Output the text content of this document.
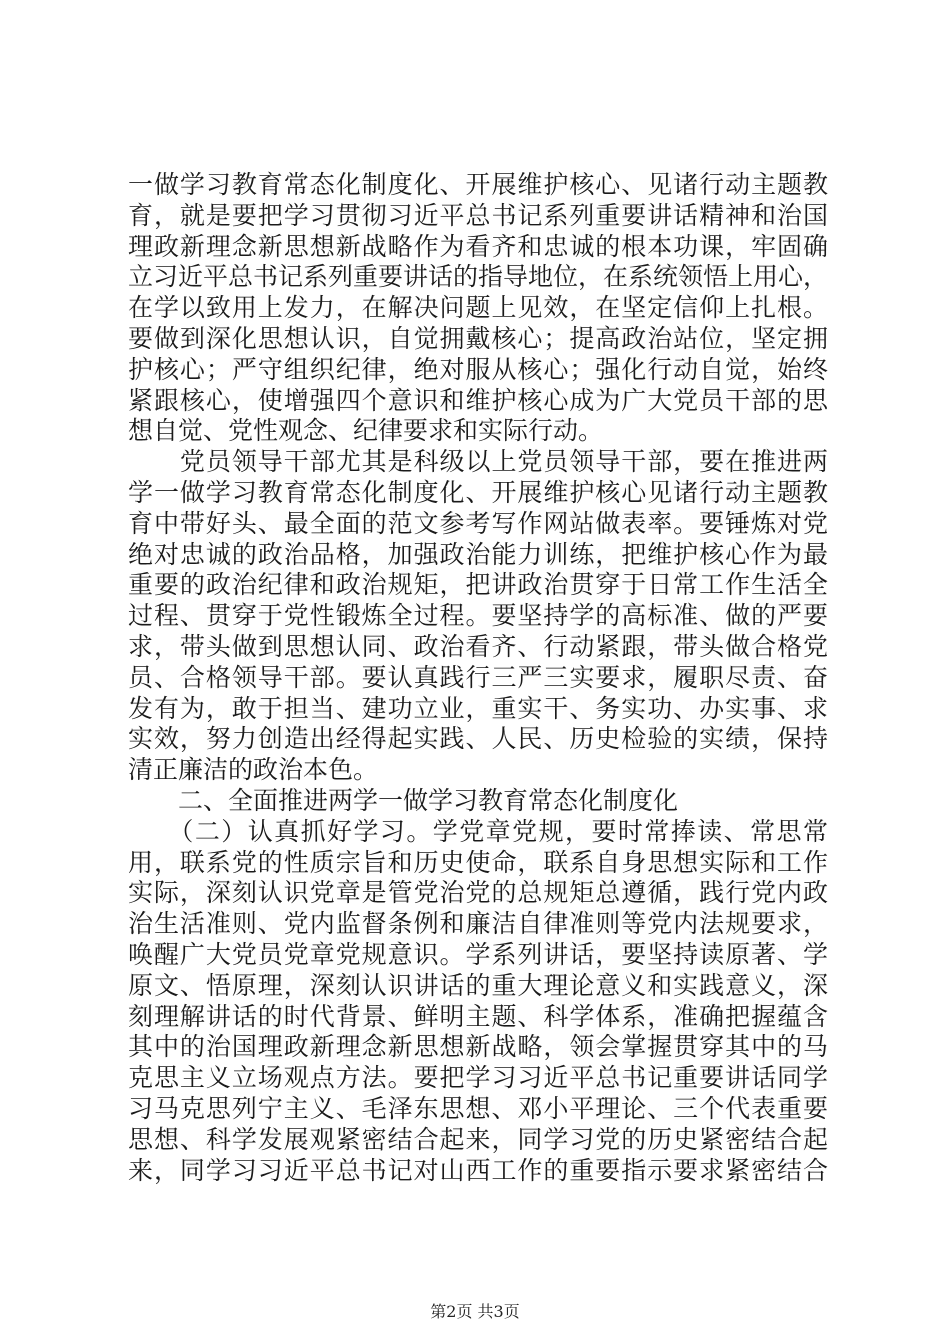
一做学习教育常态化制度化、开展维护核心、见诸行动主题教
育，就是要把学习贯彻习近平总书记系列重要讲话精神和治国
理政新理念新思想新战略作为看齐和忠诚的根本功课，牢固确
立习近平总书记系列重要讲话的指导地位，在系统领悟上用心，
在学以致用上发力，在解决问题上见效，在坚定信仰上扎根。
要做到深化思想认识，自觉拥戴核心；提高政治站位，坚定拥
护核心；严守组织纪律，绝对服从核心；强化行动自觉，始终
紧跟核心，使增强四个意识和维护核心成为广大党员干部的思
想自觉、党性观念、纪律要求和实际行动。
　　党员领导干部尤其是科级以上党员领导干部，要在推进两
学一做学习教育常态化制度化、开展维护核心见诸行动主题教
育中带好头、最全面的范文参考写作网站做表率。要锤炼对党
绝对忠诚的政治品格，加强政治能力训练，把维护核心作为最
重要的政治纪律和政治规矩，把讲政治贯穿于日常工作生活全
过程、贯穿于党性锻炼全过程。要坚持学的高标准、做的严要
求，带头做到思想认同、政治看齐、行动紧跟，带头做合格党
员、合格领导干部。要认真践行三严三实要求，履职尽责、奋
发有为，敢于担当、建功立业，重实干、务实功、办实事、求
实效，努力创造出经得起实践、人民、历史检验的实绩，保持
清正廉洁的政治本色。
　　二、全面推进两学一做学习教育常态化制度化
　　（二）认真抓好学习。学党章党规，要时常捧读、常思常
用，联系党的性质宗旨和历史使命，联系自身思想实际和工作
实际，深刻认识党章是管党治党的总规矩总遵循，践行党内政
治生活准则、党内监督条例和廉洁自律准则等党内法规要求，
唤醒广大党员党章党规意识。学系列讲话，要坚持读原著、学
原文、悟原理，深刻认识讲话的重大理论意义和实践意义，深
刻理解讲话的时代背景、鲜明主题、科学体系，准确把握蕴含
其中的治国理政新理念新思想新战略，领会掌握贯穿其中的马
克思主义立场观点方法。要把学习习近平总书记重要讲话同学
习马克思列宁主义、毛泽东思想、邓小平理论、三个代表重要
思想、科学发展观紧密结合起来，同学习党的历史紧密结合起
来，同学习习近平总书记对山西工作的重要指示要求紧密结合
第2页 共3页
